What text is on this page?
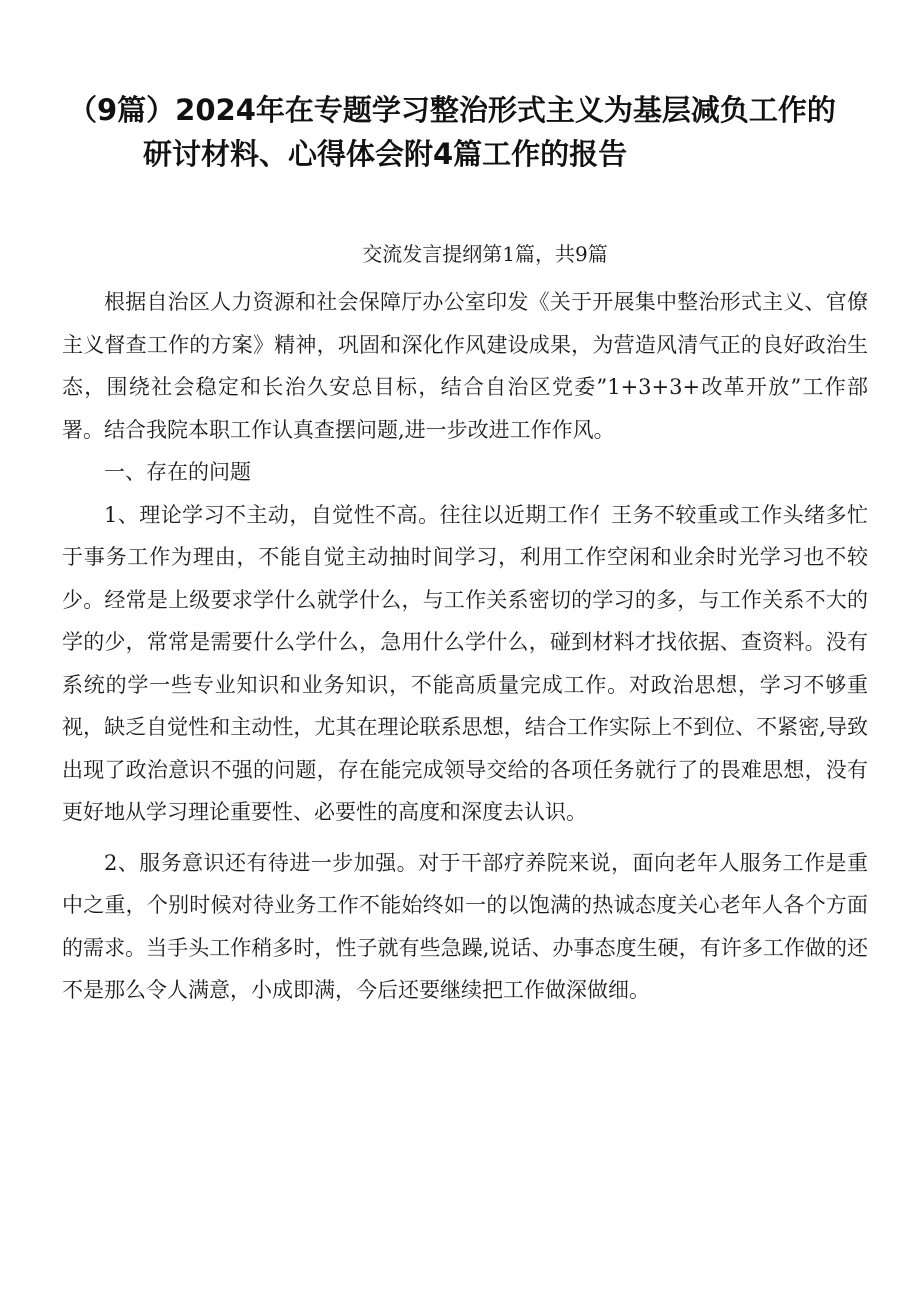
（9篇）2024年在专题学习整治形式主义为基层减负工作的
研讨材料、心得体会附4篇工作的报告
交流发言提纲第1篇，共9篇

根据自治区人力资源和社会保障厅办公室印发《关于开展集中整治形式主义、官僚主义督查工作的方案》精神，巩固和深化作风建设成果，为营造风清气正的良好政治生态，围绕社会稳定和长治久安总目标，结合自治区党委”1+3+3+改革开放”工作部署。结合我院本职工作认真查摆问题,进一步改进工作作风。

一、存在的问题

1、理论学习不主动，自觉性不高。往往以近期工作亻王务不较重或工作头绪多忙于事务工作为理由，不能自觉主动抽时间学习，利用工作空闲和业余时光学习也不较少。经常是上级要求学什么就学什么，与工作关系密切的学习的多，与工作关系不大的学的少，常常是需要什么学什么，急用什么学什么，碰到材料才找依据、查资料。没有系统的学一些专业知识和业务知识，不能高质量完成工作。对政治思想，学习不够重视，缺乏自觉性和主动性，尤其在理论联系思想，结合工作实际上不到位、不紧密,导致出现了政治意识不强的问题，存在能完成领导交给的各项任务就行了的畏难思想，没有更好地从学习理论重要性、必要性的高度和深度去认识。

2、服务意识还有待进一步加强。对于干部疗养院来说，面向老年人服务工作是重中之重，个别时候对待业务工作不能始终如一的以饱满的热诚态度关心老年人各个方面的需求。当手头工作稍多时，性子就有些急躁,说话、办事态度生硬，有许多工作做的还不是那么令人满意，小成即满，今后还要继续把工作做深做细。
